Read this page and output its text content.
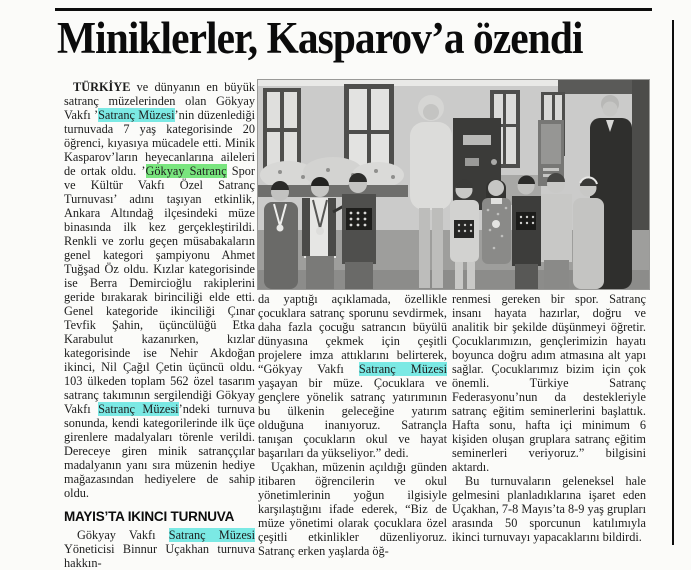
Miniklerler, Kasparov’a özendi

TÜRKİYE ve dünyanın en büyük satranç müzelerinden olan Gökyay Vakfı ’Satranç Müzesi’nin düzenlediği turnuvada 7 yaş kategorisinde 20 öğrenci, kıyasıya mücadele etti. Minik Kasparov’ların heyecanlarına aileleri de ortak oldu. ’Gökyay Satranç Spor ve Kültür Vakfı Özel Satranç Turnuvası’ adını taşıyan etkinlik, Ankara Altındağ ilçesindeki müze binasında ilk kez gerçekleştirildi. Renkli ve zorlu geçen müsabakaların genel kategori şampiyonu Ahmet Tuğşad Öz oldu. Kızlar kategorisinde ise Berra Demircioğlu rakiplerini geride bırakarak birinciliği elde etti. Genel kategoride ikinciliği Çınar Tevfik Şahin, üçüncülüğü Etka Karabulut kazanırken, kızlar kategorisinde ise Nehir Akdoğan ikinci, Nil Çağıl Çetin üçüncü oldu. 103 ülkeden toplam 562 özel tasarım satranç takımının sergilendiği Gökyay Vakfı Satranç Müzesi’ndeki turnuva sonunda, kendi kategorilerinde ilk üçe girenlere madalyaları törenle verildi. Dereceye giren minik satranççılar madalyanın yanı sıra müzenin hediye mağazasından hediyelere de sahip oldu.

MAYIS’TA IKINCI TURNUVA

Gökyay Vakfı Satranç Müzesi Yöneticisi Binnur Uçakhan turnuva hakkın-

da yaptığı açıklamada, özellikle çocuklara satranç sporunu sevdirmek, daha fazla çocuğu satrancın büyülü dünyasına çekmek için çeşitli projelere imza attıklarını belirterek, “Gökyay Vakfı Satranç Müzesi yaşayan bir müze. Çocuklara ve gençlere yönelik satranç yatırımının bu ülkenin geleceğine yatırım olduğuna inanıyoruz. Satrançla tanışan çocukların okul ve hayat başarıları da yükseliyor.” dedi.

Uçakhan, müzenin açıldığı günden itibaren öğrencilerin ve okul yönetimlerinin yoğun ilgisiyle karşılaştığını ifade ederek, “Biz de müze yönetimi olarak çocuklara özel çeşitli etkinlikler düzenliyoruz. Satranç erken yaşlarda öğ-

renmesi gereken bir spor. Satranç insanı hayata hazırlar, doğru ve analitik bir şekilde düşünmeyi öğretir. Çocuklarımızın, gençlerimizin hayatı boyunca doğru adım atmasına alt yapı sağlar. Çocuklarımız bizim için çok önemli. Türkiye Satranç Federasyonu’nun da destekleriyle satranç eğitim seminerlerini başlattık. Hafta sonu, hafta içi minimum 6 kişiden oluşan gruplara satranç eğitim seminerleri veriyoruz.” bilgisini aktardı.

Bu turnuvaların geleneksel hale gelmesini planladıklarına işaret eden Uçakhan, 7-8 Mayıs’ta 8-9 yaş grupları arasında 50 sporcunun katılımıyla ikinci turnuvayı yapacaklarını bildirdi.
